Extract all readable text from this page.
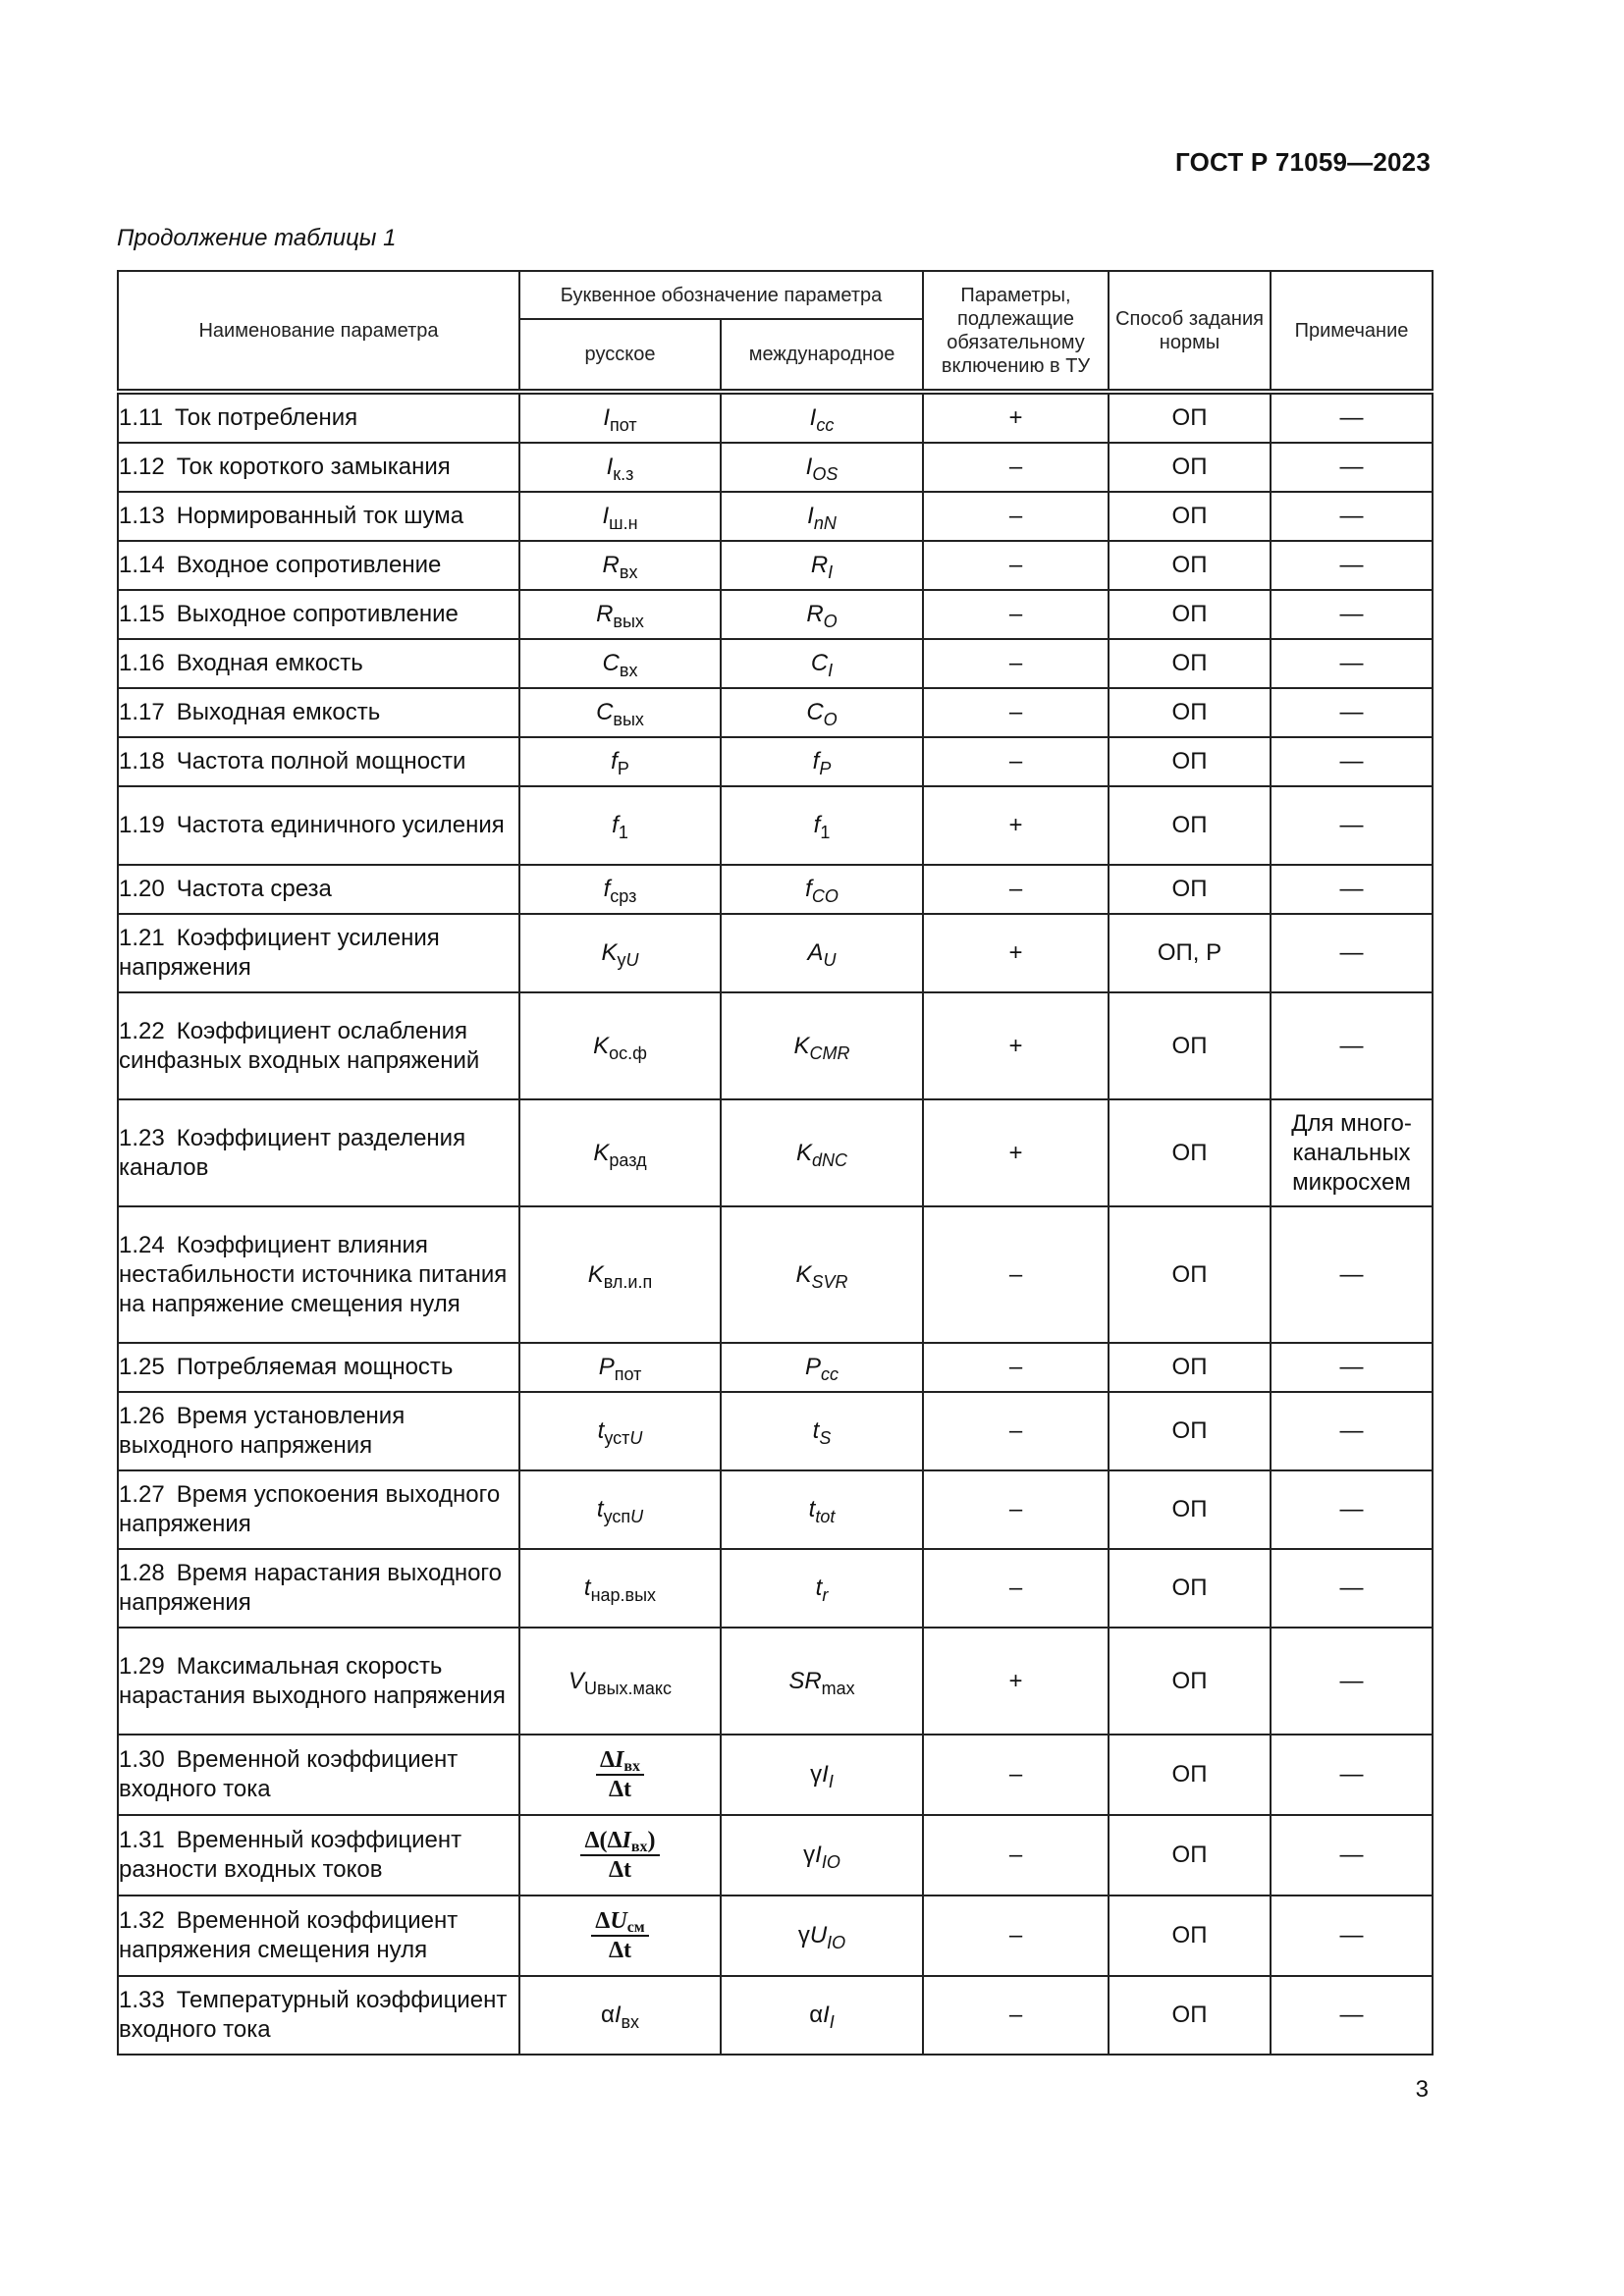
ГОСТ Р 71059—2023
Продолжение таблицы 1
Наименование параметра	Буквенное обозначение параметра		Параметры, подлежащие обязательному включению в ТУ	Способ задания нормы	Примечание
	русское	международное			

1.11 Ток потребления	$I_{пот}$	$I_{cc}$	+	ОП	—
1.12 Ток короткого замыкания	$I_{к.з}$	$I_{OS}$	–	ОП	—
1.13 Нормированный ток шума	$I_{ш.н}$	$I_{nN}$	–	ОП	—
1.14 Входное сопротивление	$R_{вх}$	$R_I$	–	ОП	—
1.15 Выходное сопротивление	$R_{вых}$	$R_O$	–	ОП	—
1.16 Входная емкость	$C_{вх}$	$C_I$	–	ОП	—
1.17 Выходная емкость	$C_{вых}$	$C_O$	–	ОП	—
1.18 Частота полной мощности	$f_P$	$f_P$	–	ОП	—
1.19 Частота единичного усиления	$f_1$	$f_1$	+	ОП	—
1.20 Частота среза	$f_{срз}$	$f_{CO}$	–	ОП	—
1.21 Коэффициент усиления напряжения	$K_{уU}$	$A_U$	+	ОП, Р	—
1.22 Коэффициент ослабления синфазных входных напряжений	$K_{ос.ф}$	$K_{CMR}$	+	ОП	—
1.23 Коэффициент разделения каналов	$K_{разд}$	$K_{dNC}$	+	ОП	Для много-канальных микросхем
1.24 Коэффициент влияния нестабильности источника питания на напряжение смещения нуля	$K_{вл.и.п}$	$K_{SVR}$	–	ОП	—
1.25 Потребляемая мощность	$P_{пот}$	$P_{cc}$	–	ОП	—
1.26 Время установления выходного напряжения	$t_{устU}$	$t_S$	–	ОП	—
1.27 Время успокоения выходного напряжения	$t_{успU}$	$t_{tot}$	–	ОП	—
1.28 Время нарастания выходного напряжения	$t_{нар.вых}$	$t_r$	–	ОП	—
1.29 Максимальная скорость нарастания выходного напряжения	$V_{Uвых.макс}$	$SR_{max}$	+	ОП	—
1.30 Временной коэффициент входного тока	$\frac{\Delta I_{вх}}{\Delta t}$	$\gamma I_I$	–	ОП	—
1.31 Временный коэффициент разности входных токов	$\frac{\Delta(\Delta I_{вх})}{\Delta t}$	$\gamma I_{IO}$	–	ОП	—
1.32 Временной коэффициент напряжения смещения нуля	$\frac{\Delta U_{см}}{\Delta t}$	$\gamma U_{IO}$	–	ОП	—
1.33 Температурный коэффициент входного тока	$\alpha I_{вх}$	$\alpha I_I$	–	ОП	—
3
